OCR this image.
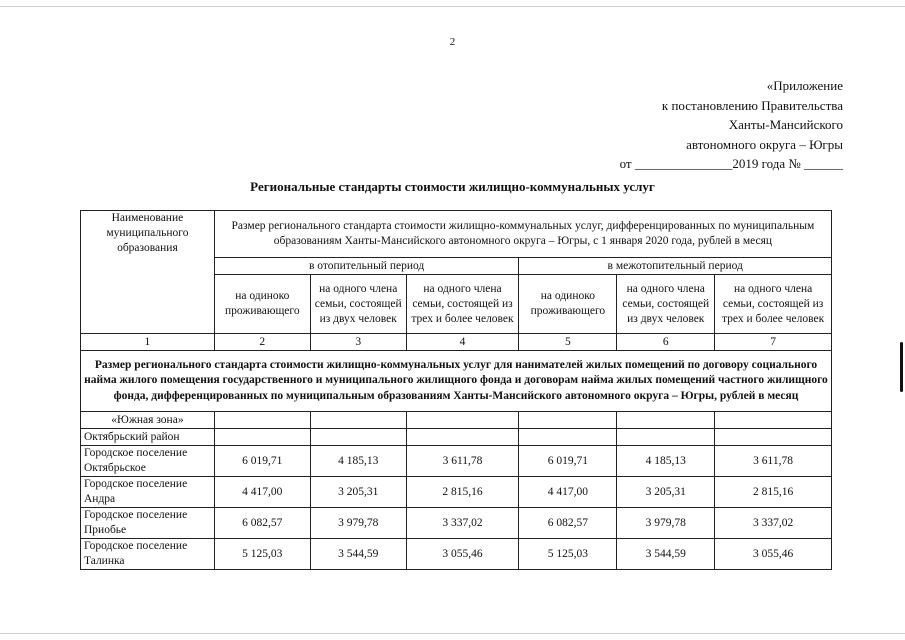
2
«Приложение
к постановлению Правительства
Ханты-Мансийского
автономного округа – Югры
от _______________2019 года № ______
Региональные стандарты стоимости жилищно-коммунальных услуг
Наименование муниципального образования	Размер регионального стандарта стоимости жилищно-коммунальных услуг, дифференцированных по муниципальным образованиям Ханты-Мансийского автономного округа – Югры, с 1 января 2020 года, рублей в месяц					
	в отопительный период			в межотопительный период		
	на одиноко проживающего	на одного члена семьи, состоящей из двух человек	на одного члена семьи, состоящей из трех и более человек	на одиноко проживающего	на одного члена семьи, состоящей из двух человек	на одного члена семьи, состоящей из трех и более человек
1	2	3	4	5	6	7
Размер регионального стандарта стоимости жилищно-коммунальных услуг для нанимателей жилых помещений по договору социального найма жилого помещения государственного и муниципального жилищного фонда и договорам найма жилых помещений частного жилищного фонда, дифференцированных по муниципальным образованиям Ханты-Мансийского автономного округа – Югры, рублей в месяц						
«Южная зона»						
Октябрьский район						
Городское поселение Октябрьское	6 019,71	4 185,13	3 611,78	6 019,71	4 185,13	3 611,78
Городское поселение Андра	4 417,00	3 205,31	2 815,16	4 417,00	3 205,31	2 815,16
Городское поселение Приобье	6 082,57	3 979,78	3 337,02	6 082,57	3 979,78	3 337,02
Городское поселение Талинка	5 125,03	3 544,59	3 055,46	5 125,03	3 544,59	3 055,46
